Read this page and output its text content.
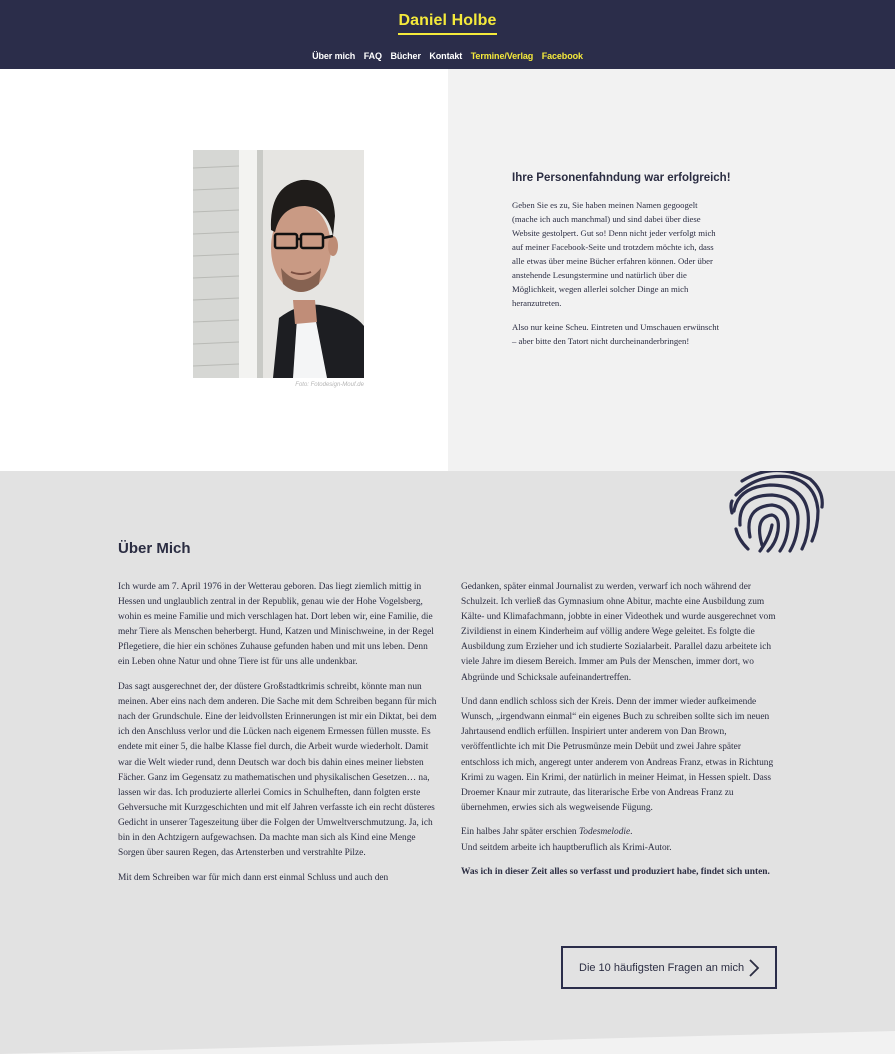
Daniel Holbe
Über mich FAQ Bücher Kontakt Termine/Verlag Facebook
Foto: Fotodesign-Mouf.de
Ihre Personenfahndung war erfolgreich!

Geben Sie es zu, Sie haben meinen Namen gegoogelt (mache ich auch manchmal) und sind dabei über diese Website gestolpert. Gut so! Denn nicht jeder verfolgt mich auf meiner Facebook-Seite und trotzdem möchte ich, dass alle etwas über meine Bücher erfahren können. Oder über anstehende Lesungstermine und natürlich über die Möglichkeit, wegen allerlei solcher Dinge an mich heranzutreten.

Also nur keine Scheu. Eintreten und Umschauen erwünscht – aber bitte den Tatort nicht durcheinanderbringen!

Über Mich

Ich wurde am 7. April 1976 in der Wetterau geboren. Das liegt ziemlich mittig in Hessen und unglaublich zentral in der Republik, genau wie der Hohe Vogelsberg, wohin es meine Familie und mich verschlagen hat. Dort leben wir, eine Familie, die mehr Tiere als Menschen beherbergt. Hund, Katzen und Minischweine, in der Regel Pflegetiere, die hier ein schönes Zuhause gefunden haben und mit uns leben. Denn ein Leben ohne Natur und ohne Tiere ist für uns alle undenkbar.

Das sagt ausgerechnet der, der düstere Großstadtkrimis schreibt, könnte man nun meinen. Aber eins nach dem anderen. Die Sache mit dem Schreiben begann für mich nach der Grundschule. Eine der leidvollsten Erinnerungen ist mir ein Diktat, bei dem ich den Anschluss verlor und die Lücken nach eigenem Ermessen füllen musste. Es endete mit einer 5, die halbe Klasse fiel durch, die Arbeit wurde wiederholt. Damit war die Welt wieder rund, denn Deutsch war doch bis dahin eines meiner liebsten Fächer. Ganz im Gegensatz zu mathematischen und physikalischen Gesetzen… na, lassen wir das. Ich produzierte allerlei Comics in Schulheften, dann folgten erste Gehversuche mit Kurzgeschichten und mit elf Jahren verfasste ich ein recht düsteres Gedicht in unserer Tageszeitung über die Folgen der Umweltverschmutzung. Ja, ich bin in den Achtzigern aufgewachsen. Da machte man sich als Kind eine Menge Sorgen über sauren Regen, das Artensterben und verstrahlte Pilze.

Mit dem Schreiben war für mich dann erst einmal Schluss und auch den

Gedanken, später einmal Journalist zu werden, verwarf ich noch während der Schulzeit. Ich verließ das Gymnasium ohne Abitur, machte eine Ausbildung zum Kälte- und Klimafachmann, jobbte in einer Videothek und wurde ausgerechnet vom Zivildienst in einem Kinderheim auf völlig andere Wege geleitet. Es folgte die Ausbildung zum Erzieher und ich studierte Sozialarbeit. Parallel dazu arbeitete ich viele Jahre im diesem Bereich. Immer am Puls der Menschen, immer dort, wo Abgründe und Schicksale aufeinandertreffen.

Und dann endlich schloss sich der Kreis. Denn der immer wieder aufkeimende Wunsch, „irgendwann einmal“ ein eigenes Buch zu schreiben sollte sich im neuen Jahrtausend endlich erfüllen. Inspiriert unter anderem von Dan Brown, veröffentlichte ich mit Die Petrusmünze mein Debüt und zwei Jahre später entschloss ich mich, angeregt unter anderem von Andreas Franz, etwas in Richtung Krimi zu wagen. Ein Krimi, der natürlich in meiner Heimat, in Hessen spielt. Dass Droemer Knaur mir zutraute, das literarische Erbe von Andreas Franz zu übernehmen, erwies sich als wegweisende Fügung.

Ein halbes Jahr später erschien Todesmelodie.
Und seitdem arbeite ich hauptberuflich als Krimi-Autor.

Was ich in dieser Zeit alles so verfasst und produziert habe, findet sich unten.

Die 10 häufigsten Fragen an mich
